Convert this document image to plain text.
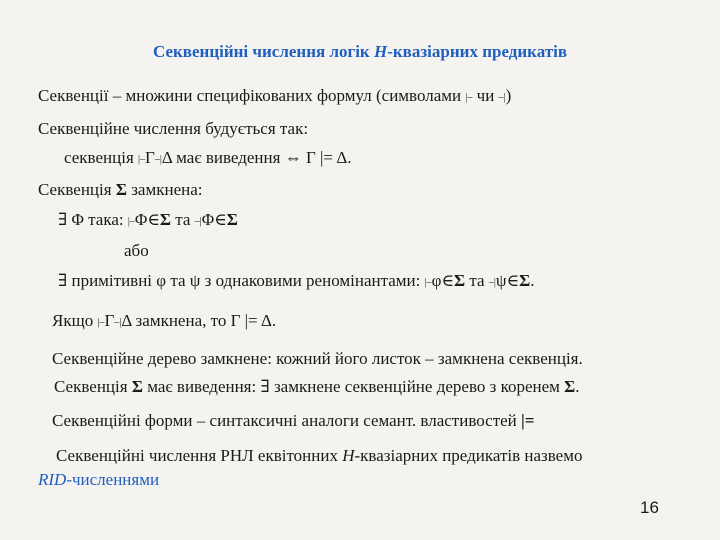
Секвенційні числення логік H-квазіарних предикатів
Секвенції – множини специфікованих формул (символами |– чи –|)
Секвенційне числення будується так:
секвенція |–Γ–|Δ має виведення ⇔ Γ |= Δ.
Секвенція Σ замкнена:
∃ Φ така: |–Φ∈Σ та –|Φ∈Σ
або
∃ примітивні φ та ψ з однаковими реномінантами: |–φ∈Σ та –|ψ∈Σ.
Якщо |–Γ–|Δ замкнена, то Γ |= Δ.
Секвенційне дерево замкнене: кожний його листок – замкнена секвенція.
Секвенція Σ має виведення: ∃ замкнене секвенційне дерево з коренем Σ.
Секвенційні форми – синтаксичні аналоги семант. властивостей |=
Секвенційні числення РНЛ еквітонних H-квазіарних предикатів назвемо
RID-численнями
16
